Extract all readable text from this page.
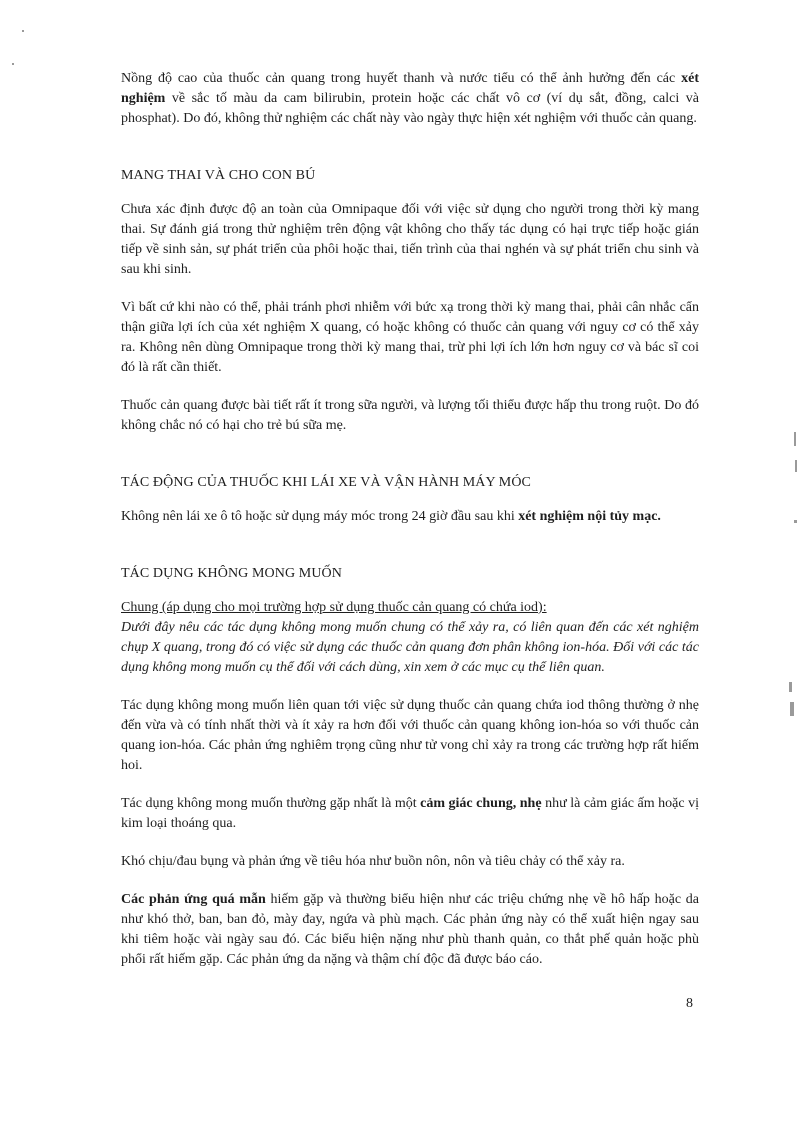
Nồng độ cao của thuốc cản quang trong huyết thanh và nước tiểu có thể ảnh hưởng đến các xét nghiệm về sắc tố màu da cam bilirubin, protein hoặc các chất vô cơ (ví dụ sắt, đồng, calci và phosphat). Do đó, không thử nghiệm các chất này vào ngày thực hiện xét nghiệm với thuốc cản quang.

MANG THAI VÀ CHO CON BÚ

Chưa xác định được độ an toàn của Omnipaque đối với việc sử dụng cho người trong thời kỳ mang thai. Sự đánh giá trong thử nghiệm trên động vật không cho thấy tác dụng có hại trực tiếp hoặc gián tiếp về sinh sản, sự phát triển của phôi hoặc thai, tiến trình của thai nghén và sự phát triển chu sinh và sau khi sinh.

Vì bất cứ khi nào có thể, phải tránh phơi nhiễm với bức xạ trong thời kỳ mang thai, phải cân nhắc cẩn thận giữa lợi ích của xét nghiệm X quang, có hoặc không có thuốc cản quang với nguy cơ có thể xảy ra. Không nên dùng Omnipaque trong thời kỳ mang thai, trừ phi lợi ích lớn hơn nguy cơ và bác sĩ coi đó là rất cần thiết.

Thuốc cản quang được bài tiết rất ít trong sữa người, và lượng tối thiểu được hấp thu trong ruột. Do đó không chắc nó có hại cho trẻ bú sữa mẹ.

TÁC ĐỘNG CỦA THUỐC KHI LÁI XE VÀ VẬN HÀNH MÁY MÓC

Không nên lái xe ô tô hoặc sử dụng máy móc trong 24 giờ đầu sau khi xét nghiệm nội tủy mạc.

TÁC DỤNG KHÔNG MONG MUỐN

Chung (áp dụng cho mọi trường hợp sử dụng thuốc cản quang có chứa iod):

Dưới đây nêu các tác dụng không mong muốn chung có thể xảy ra, có liên quan đến các xét nghiệm chụp X quang, trong đó có việc sử dụng các thuốc cản quang đơn phân không ion-hóa. Đối với các tác dụng không mong muốn cụ thể đối với cách dùng, xin xem ở các mục cụ thể liên quan.

Tác dụng không mong muốn liên quan tới việc sử dụng thuốc cản quang chứa iod thông thường ở nhẹ đến vừa và có tính nhất thời và ít xảy ra hơn đối với thuốc cản quang không ion-hóa so với thuốc cản quang ion-hóa. Các phản ứng nghiêm trọng cũng như tử vong chỉ xảy ra trong các trường hợp rất hiếm hoi.

Tác dụng không mong muốn thường gặp nhất là một cảm giác chung, nhẹ như là cảm giác ấm hoặc vị kim loại thoáng qua.

Khó chịu/đau bụng và phản ứng về tiêu hóa như buồn nôn, nôn và tiêu chảy có thể xảy ra.

Các phản ứng quá mẫn hiếm gặp và thường biểu hiện như các triệu chứng nhẹ về hô hấp hoặc da như khó thở, ban, ban đỏ, mày đay, ngứa và phù mạch. Các phản ứng này có thể xuất hiện ngay sau khi tiêm hoặc vài ngày sau đó. Các biểu hiện nặng như phù thanh quản, co thắt phế quản hoặc phù phổi rất hiếm gặp. Các phản ứng da nặng và thậm chí độc đã được báo cáo.

8
